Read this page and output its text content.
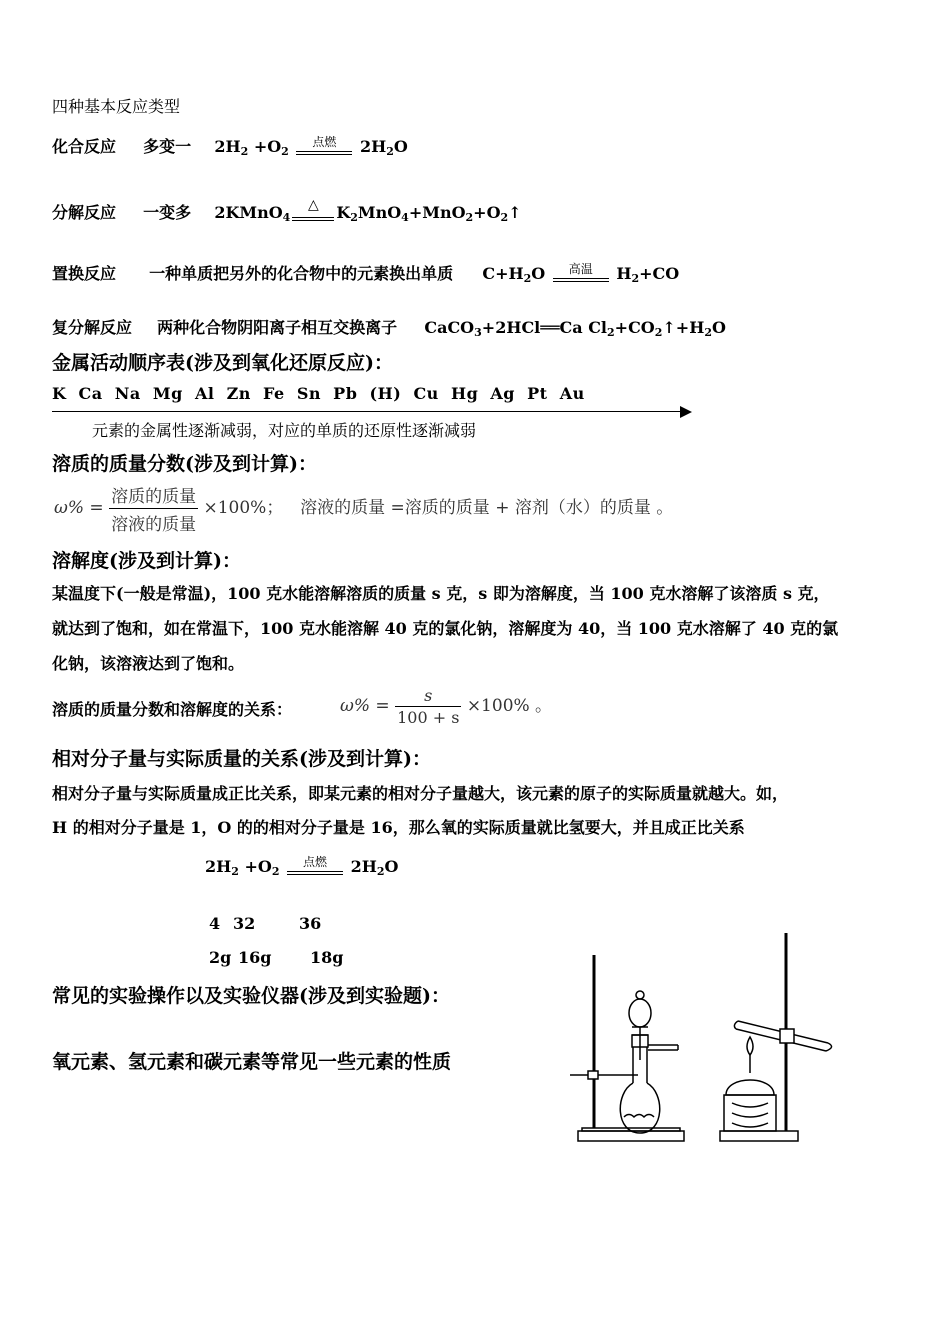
四种基本反应类型
化合反应 多变一 $2H_2 +O_2$
点燃	$2H_2O$
分解反应 一变多 2KMnO$_4$
△	$K_2MnO_4+MnO_2+O_2↑$
置换反应 一种单质把另外的化合物中的元素换出单质 $C+H_2O$	高温	$H_2+CO$
复分解反应 两种化合物阴阳离子相互交换离子 CaCO$_3$+2HCl══Ca $Cl_2+CO_2↑+H_2O$
金属活动顺序表(涉及到氧化还原反应)：
K  Ca  Na  Mg  Al  Zn  Fe  Sn  Pb  (H)  Cu  Hg  Ag  Pt  Au
元素的金属性逐渐减弱，对应的单质的还原性逐渐减弱
溶质的质量分数(涉及到计算)：
$\omega\% = \frac{\text{溶质的质量}}{\text{溶液的质量}} \times 100\%$； 溶液的质量 =溶质的质量 + 溶剂（水）的质量 。
溶解度(涉及到计算)：
某温度下(一般是常温)，100 克水能溶解溶质的质量 s 克，s 即为溶解度，当 100 克水溶解了该溶质 s 克，
就达到了饱和，如在常温下，100 克水能溶解 40 克的氯化钠，溶解度为 40，当 100 克水溶解了 40 克的氯
化钠，该溶液达到了饱和。
溶质的质量分数和溶解度的关系：	$\omega\% = \frac{s}{100 + s} \times 100\%$ 。
相对分子量与实际质量的关系(涉及到计算)：
相对分子量与实际质量成正比关系，即某元素的相对分子量越大，该元素的原子的实际质量就越大。如，
H 的相对分子量是 1，O 的的相对分子量是 16，那么氧的实际质量就比氢要大，并且成正比关系
$2H_2 +O_2$
点燃	$2H_2O$
4 32	36
2g 16g 18g
常见的实验操作以及实验仪器(涉及到实验题)：
氧元素、氢元素和碳元素等常见一些元素的性质
